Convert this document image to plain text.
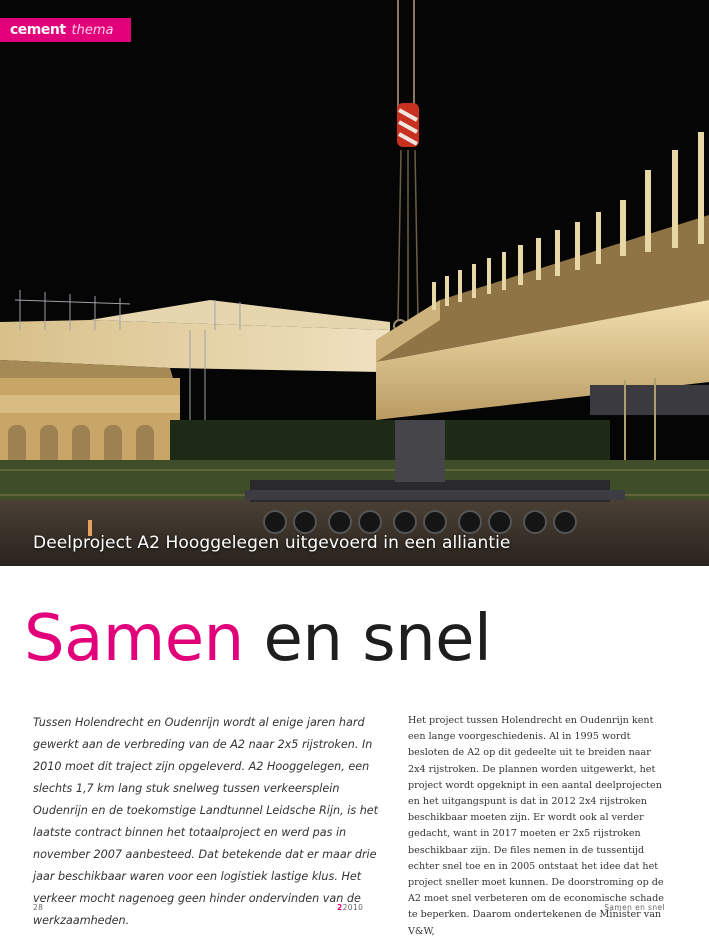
cement thema
Deelproject A2 Hooggelegen uitgevoerd in een alliantie
Samen en snel

Tussen Holendrecht en Oudenrijn wordt al enige jaren hard gewerkt aan de verbreding van de A2 naar 2x5 rijstroken. In 2010 moet dit traject zijn opgeleverd. A2 Hooggelegen, een slechts 1,7 km lang stuk snelweg tussen verkeersplein Oudenrijn en de toekomstige Landtunnel Leidsche Rijn, is het laatste contract binnen het totaalproject en werd pas in november 2007 aanbesteed. Dat betekende dat er maar drie jaar beschikbaar waren voor een logistiek lastige klus. Het verkeer mocht nagenoeg geen hinder ondervinden van de werkzaamheden.

Het project tussen Holendrecht en Oudenrijn kent een lange voorgeschiedenis. Al in 1995 wordt besloten de A2 op dit gedeelte uit te breiden naar 2x4 rijstroken. De plannen worden uitgewerkt, het project wordt opgeknipt in een aantal deelprojecten en het uitgangspunt is dat in 2012 2x4 rijstroken beschikbaar moeten zijn. Er wordt ook al verder gedacht, want in 2017 moeten er 2x5 rijstroken beschikbaar zijn. De files nemen in de tussentijd echter snel toe en in 2005 ontstaat het idee dat het project sneller moet kunnen. De doorstroming op de A2 moet snel verbeteren om de economische schade te beperken. Daarom ondertekenen de Minister van V&W,

28	22010	Samen en snel
